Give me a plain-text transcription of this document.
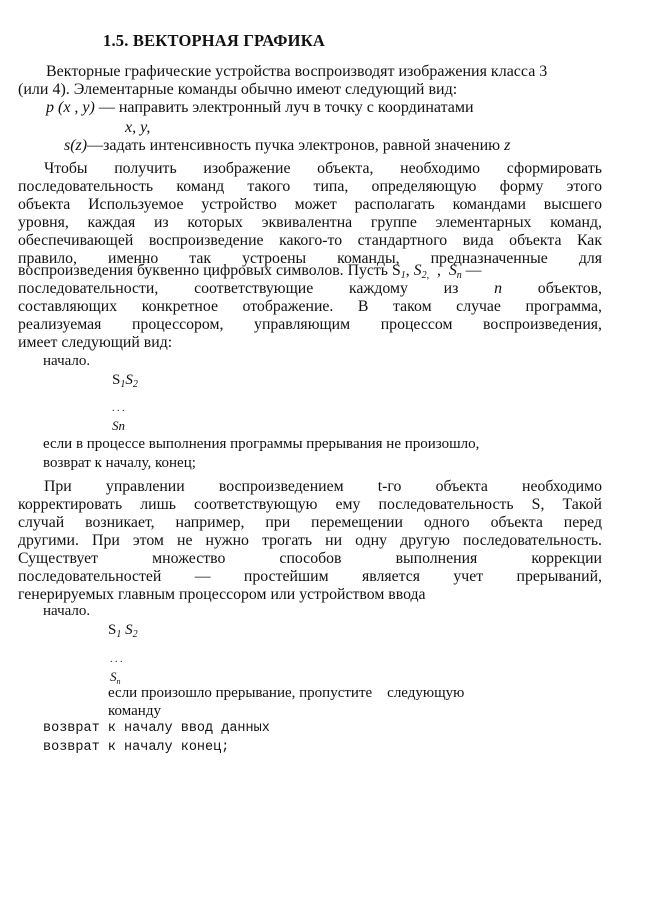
1.5. ВЕКТОРНАЯ ГРАФИКА
Векторные графические устройства воспроизводят изображения класса 3
(или 4). Элементарные команды обычно имеют следующий вид:
p (x , y) — направить электронный луч в точку с координатами
x, y,
s(z)—задать интенсивность пучка электронов, равной значению z
Чтобы получить изображение объекта, необходимо сформировать
последовательность команд такого типа, определяющую форму этого
объекта Используемое устройство может располагать командами высшего
уровня, каждая из которых эквивалентна группе элементарных команд,
обеспечивающей воспроизведение какого-то стандартного вида объекта Как
правило, именно так устроены команды, предназначенные для
воспроизведения буквенно цифровых символов. Пусть $S_1$, $S_{2,}$ , $S_n$ —
последовательности, соответствующие каждому из n объектов,
составляющих конкретное отображение. В таком случае программа,
реализуемая процессором, управляющим процессом воспроизведения,
имеет следующий вид:
начало.
$S_1S_2$
. . .
Sn
если в процессе выполнения программы прерывания не произошло,
возврат к началу, конец;
При управлении воспроизведением t-го объекта необходимо
корректировать лишь соответствующую ему последовательность S, Такой
случай возникает, например, при перемещении одного объекта перед
другими. При этом не нужно трогать ни одну другую последовательность.
Существует множество способов выполнения коррекции
последовательностей — простейшим является учет прерываний,
генерируемых главным процессором или устройством ввода
начало.
$S_1$ $S_2$
. . .
$S_n$
если произошло прерывание, пропустите    следующую
команду
возврат к началу ввод данных
возврат к началу конец;
